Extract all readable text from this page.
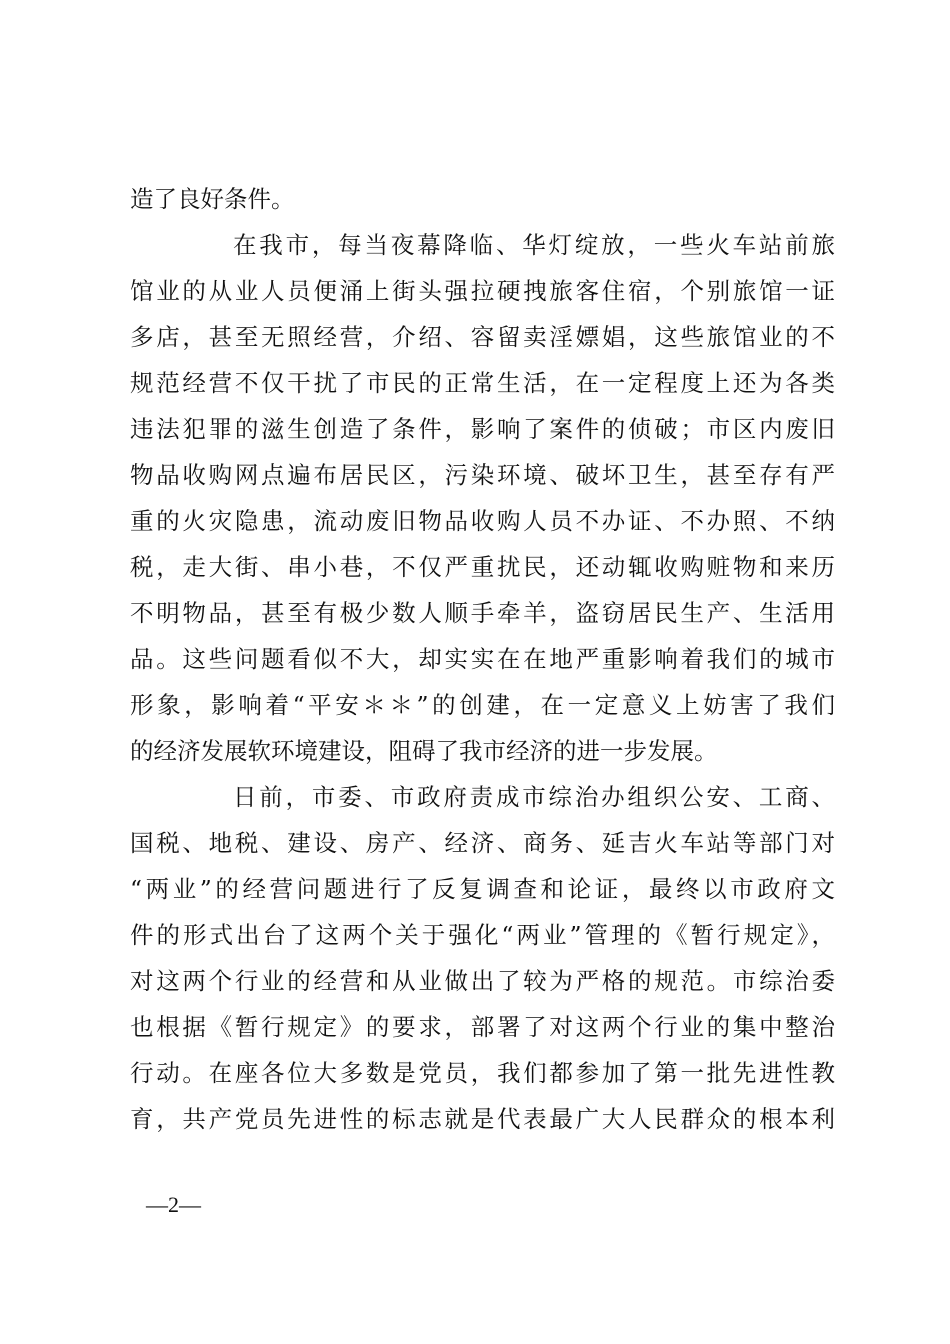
造了良好条件。
在我市，每当夜幕降临、华灯绽放，一些火车站前旅
馆业的从业人员便涌上街头强拉硬拽旅客住宿，个别旅馆一证
多店，甚至无照经营，介绍、容留卖淫嫖娼，这些旅馆业的不
规范经营不仅干扰了市民的正常生活，在一定程度上还为各类
违法犯罪的滋生创造了条件，影响了案件的侦破；市区内废旧
物品收购网点遍布居民区，污染环境、破坏卫生，甚至存有严
重的火灾隐患，流动废旧物品收购人员不办证、不办照、不纳
税，走大街、串小巷，不仅严重扰民，还动辄收购赃物和来历
不明物品，甚至有极少数人顺手牵羊，盗窃居民生产、生活用
品。这些问题看似不大，却实实在在地严重影响着我们的城市
形象，影响着“平安＊＊”的创建，在一定意义上妨害了我们
的经济发展软环境建设，阻碍了我市经济的进一步发展。
日前，市委、市政府责成市综治办组织公安、工商、
国税、地税、建设、房产、经济、商务、延吉火车站等部门对
“两业”的经营问题进行了反复调查和论证，最终以市政府文
件的形式出台了这两个关于强化“两业”管理的《暂行规定》，
对这两个行业的经营和从业做出了较为严格的规范。市综治委
也根据《暂行规定》的要求，部署了对这两个行业的集中整治
行动。在座各位大多数是党员，我们都参加了第一批先进性教
育，共产党员先进性的标志就是代表最广大人民群众的根本利
—2—
